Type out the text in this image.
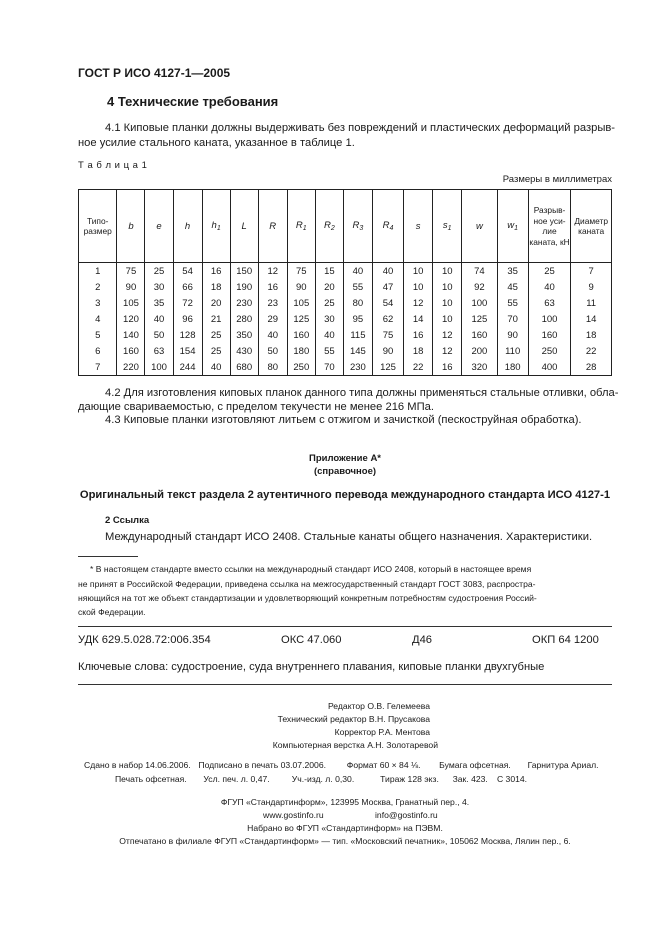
ГОСТ Р ИСО 4127-1—2005
4 Технические требования
4.1 Киповые планки должны выдерживать без повреждений и пластических деформаций разрыв-
ное усилие стального каната, указанное в таблице 1.
Т а б л и ц а 1
Размеры в миллиметрах
Типо-размер	b	e	h	$h_1$	L	R	$R_1$	$R_2$	$R_3$	$R_4$	s	$s_1$	w	$w_1$	Разрыв-ное уси-лие каната, кН	Диаметр каната
1	75	25	54	16	150	12	75	15	40	40	10	10	74	35	25	7
2	90	30	66	18	190	16	90	20	55	47	10	10	92	45	40	9
3	105	35	72	20	230	23	105	25	80	54	12	10	100	55	63	11
4	120	40	96	21	280	29	125	30	95	62	14	10	125	70	100	14
5	140	50	128	25	350	40	160	40	115	75	16	12	160	90	160	18
6	160	63	154	25	430	50	180	55	145	90	18	12	200	110	250	22
7	220	100	244	40	680	80	250	70	230	125	22	16	320	180	400	28
4.2 Для изготовления киповых планок данного типа должны применяться стальные отливки, обла-
дающие свариваемостью, с пределом текучести не менее 216 МПа.
4.3 Киповые планки изготовляют литьем с отжигом и зачисткой (пескоструйная обработка).
Приложение А*
(справочное)
Оригинальный текст раздела 2 аутентичного перевода международного стандарта ИСО 4127-1
2 Ссылка
Международный стандарт ИСО 2408. Стальные канаты общего назначения. Характеристики.
* В настоящем стандарте вместо ссылки на международный стандарт ИСО 2408, который в настоящее время
не принят в Российской Федерации, приведена ссылка на межгосударственный стандарт ГОСТ 3083, распростра-
няющийся на тот же объект стандартизации и удовлетворяющий конкретным потребностям судостроения Россий-
ской Федерации.
УДК 629.5.028.72:006.354	ОКС 47.060	Д46	ОКП 64 1200
Ключевые слова: судостроение, суда внутреннего плавания, киповые планки двухгубные
Редактор О.В. Гелемеева
Технический редактор В.Н. Прусакова
Корректор Р.А. Ментова
Компьютерная верстка А.Н. Золотаревой
Сдано в набор 14.06.2006. Подписано в печать 03.07.2006. Формат 60 × 84 ⅛. Бумага офсетная. Гарнитура Ариал.
Печать офсетная. Усл. печ. л. 0,47.	Уч.-изд. л. 0,30.	Тираж 128 экз. Зак. 423. С 3014.
ФГУП «Стандартинформ», 123995 Москва, Гранатный пер., 4.
www.gostinfo.ru	info@gostinfo.ru
Набрано во ФГУП «Стандартинформ» на ПЭВМ.
Отпечатано в филиале ФГУП «Стандартинформ» — тип. «Московский печатник», 105062 Москва, Лялин пер., 6.
